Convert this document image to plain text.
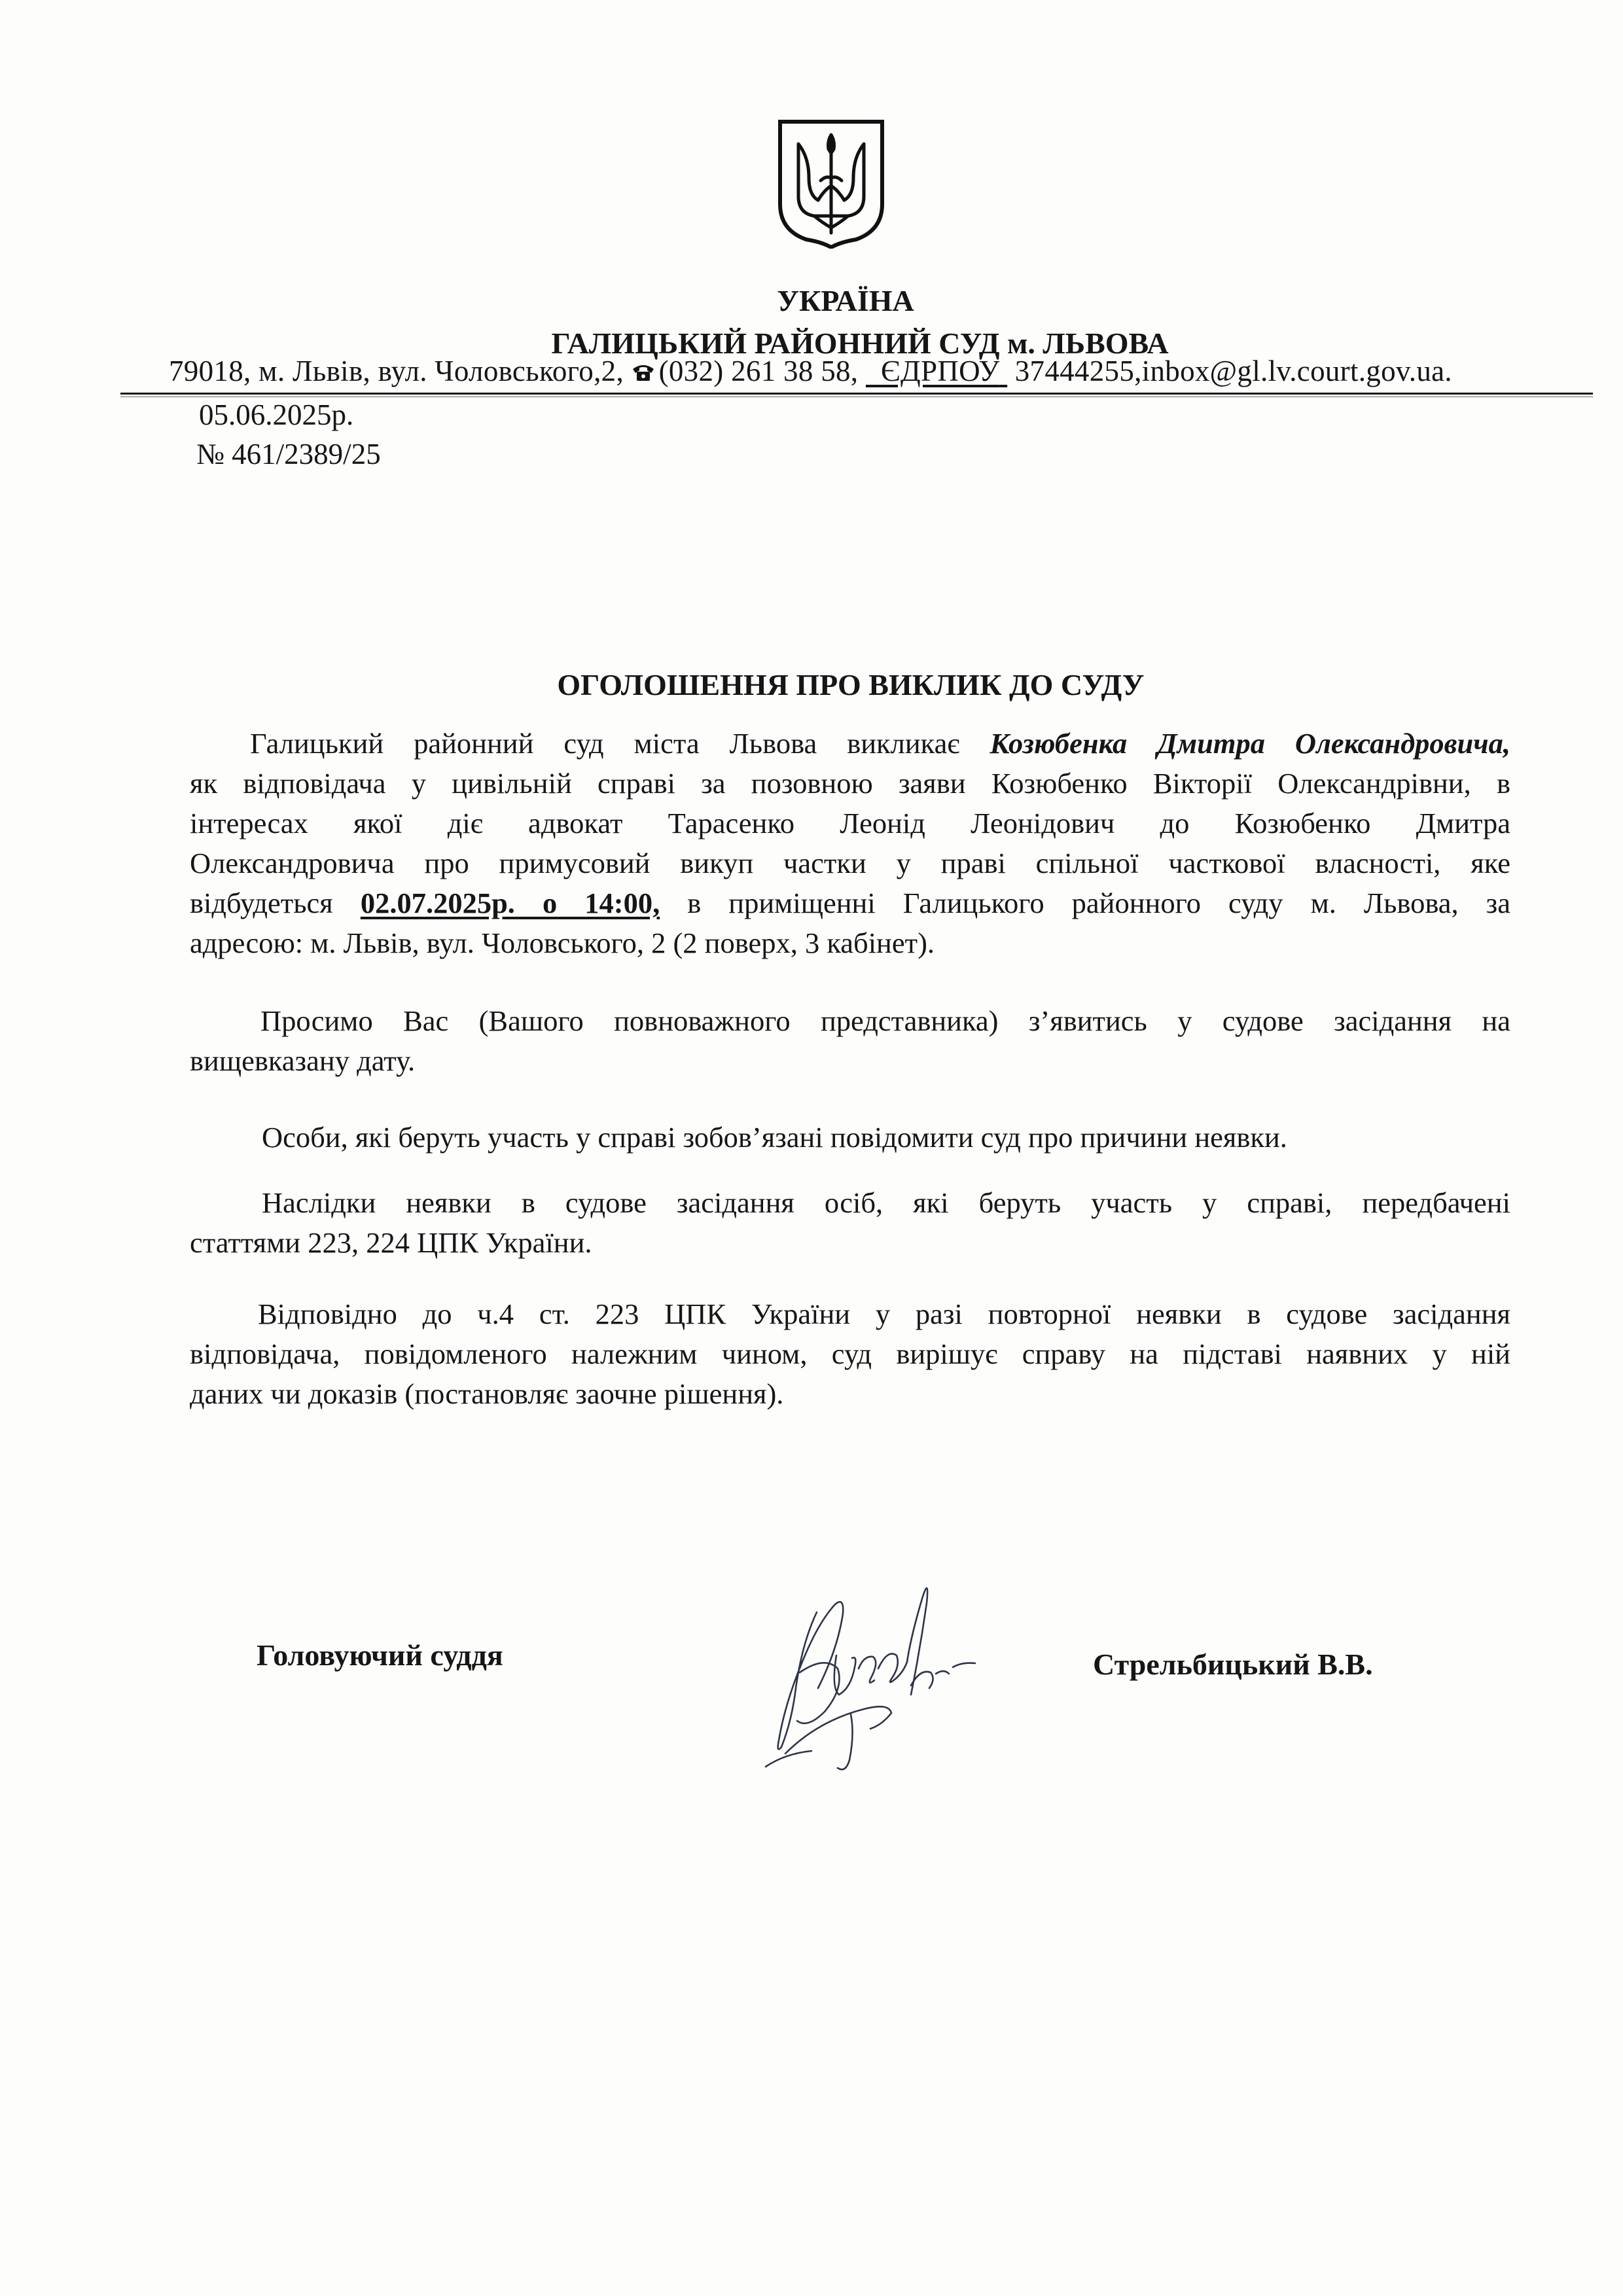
УКРАЇНА
ГАЛИЦЬКИЙ РАЙОННИЙ СУД м. ЛЬВОВА
79018, м. Львів, вул. Чоловського,2, (032) 261 38 58, ЄДРПОУ 37444255,inbox@gl.lv.court.gov.ua.
05.06.2025р.
№ 461/2389/25
ОГОЛОШЕННЯ ПРО ВИКЛИК ДО СУДУ
Галицький районний суд міста Львова викликає Козюбенка Дмитра Олександровича,
як відповідача у цивільній справі за позовною заяви Козюбенко Вікторії Олександрівни, в
інтересах якої діє адвокат Тарасенко Леонід Леонідович до Козюбенко Дмитра
Олександровича про примусовий викуп частки у праві спільної часткової власності, яке
відбудеться 02.07.2025р. о 14:00, в приміщенні Галицького районного суду м. Львова, за
адресою: м. Львів, вул. Чоловського, 2 (2 поверх, 3 кабінет).
Просимо Вас (Вашого повноважного представника) з’явитись у судове засідання на
вищевказану дату.
Особи, які беруть участь у справі зобов’язані повідомити суд про причини неявки.
Наслідки неявки в судове засідання осіб, які беруть участь у справі, передбачені
статтями 223, 224 ЦПК України.
Відповідно до ч.4 ст. 223 ЦПК України у разі повторної неявки в судове засідання
відповідача, повідомленого належним чином, суд вирішує справу на підставі наявних у ній
даних чи доказів (постановляє заочне рішення).
Головуючий суддя	Стрельбицький В.В.
